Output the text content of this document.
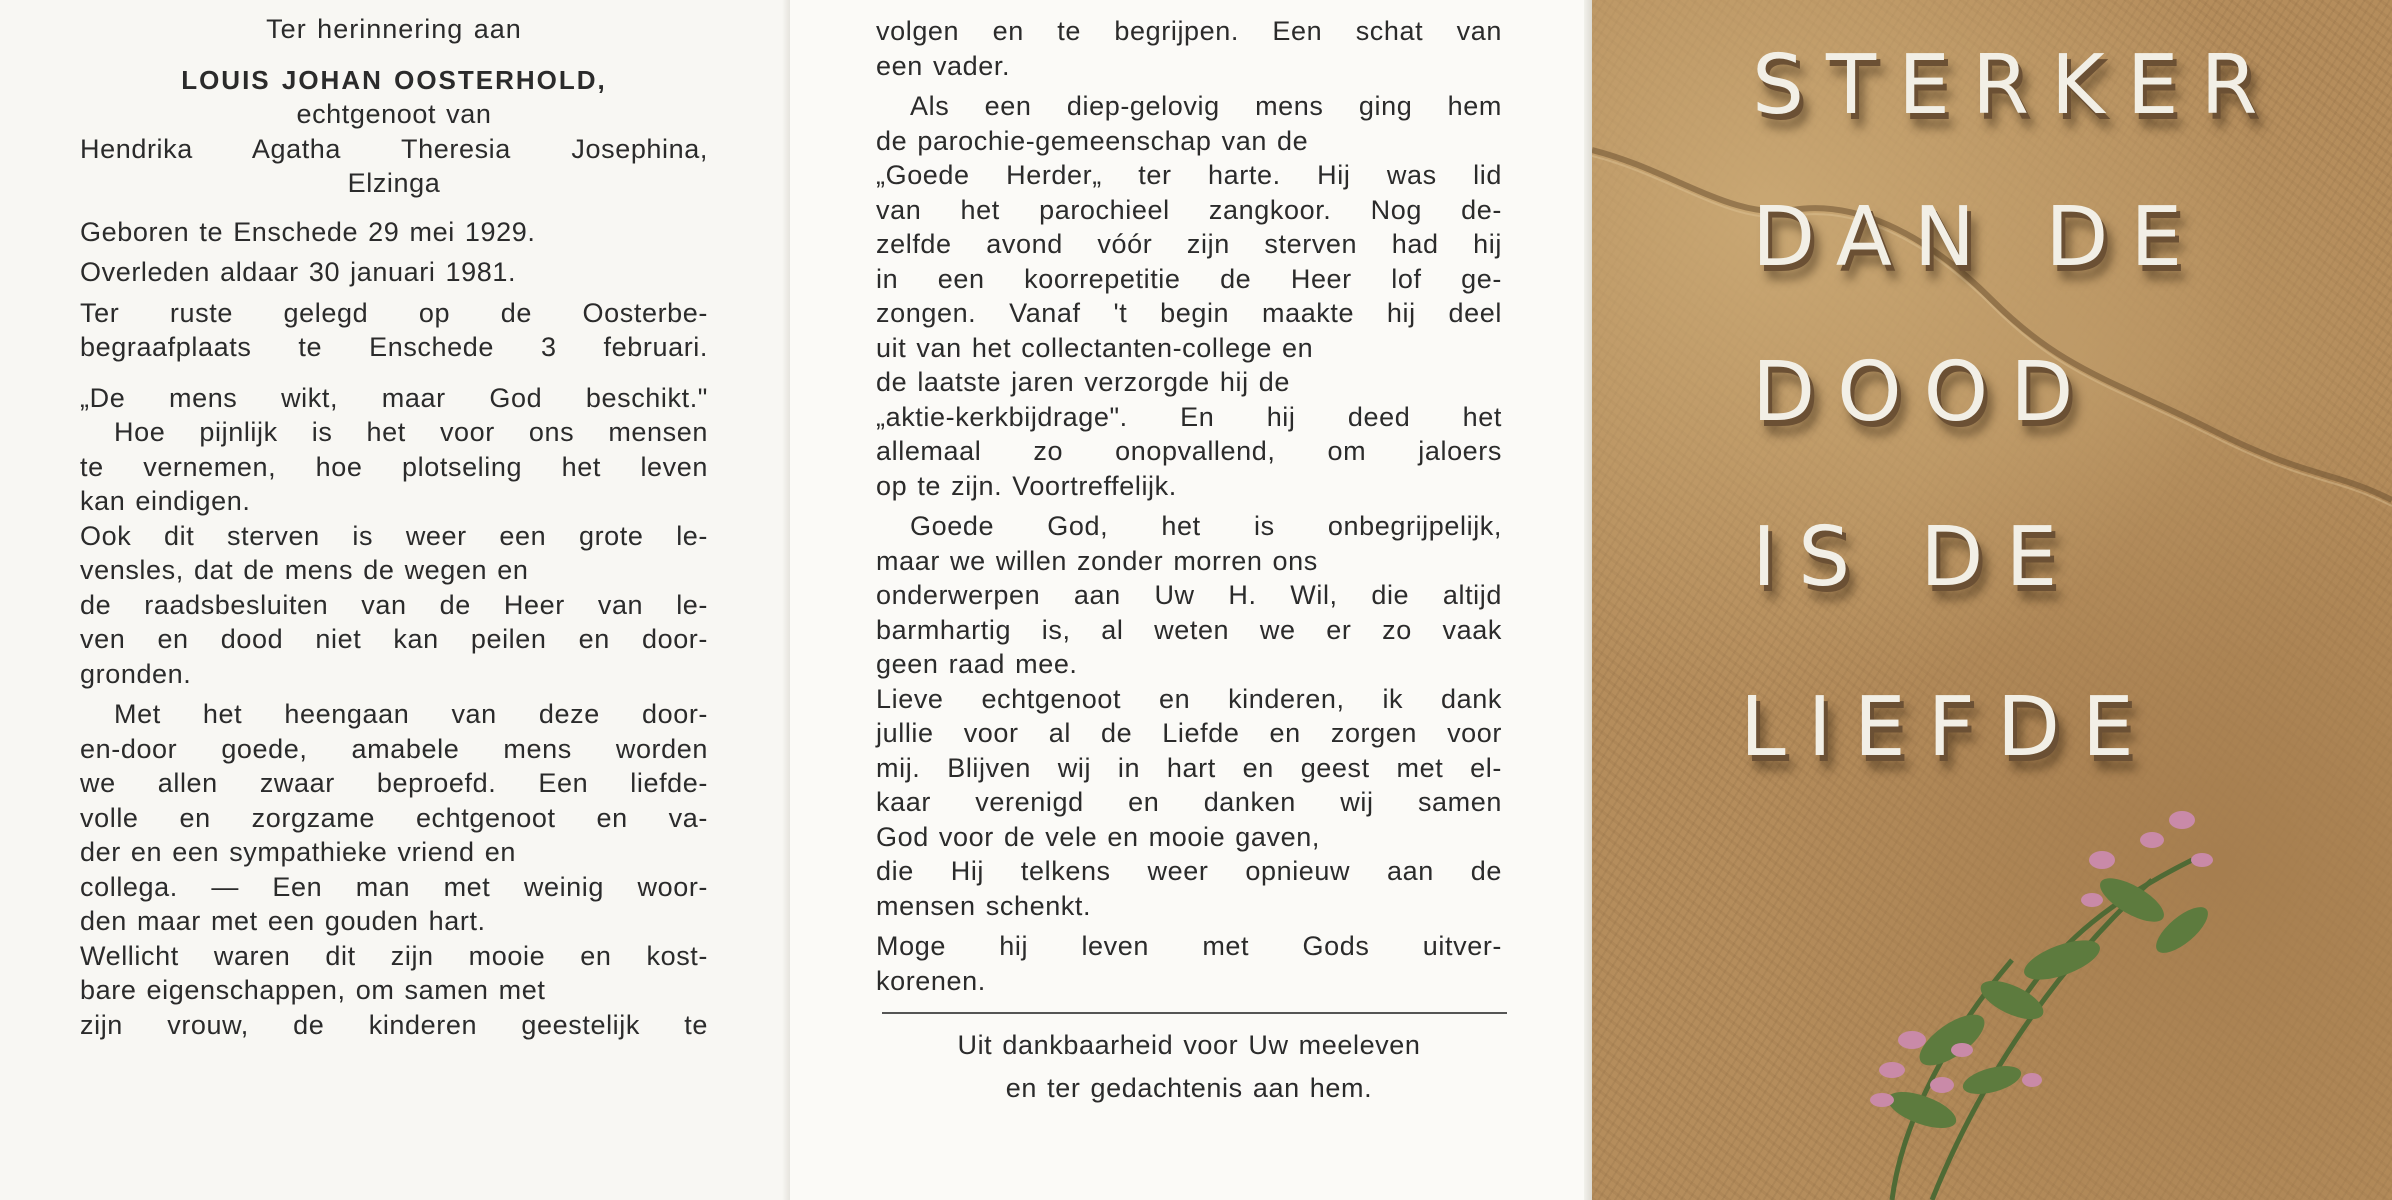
Ter herinnering aan

LOUIS JOHAN OOSTERHOLD,

echtgenoot van

Hendrika Agatha Theresia Josephina,

Elzinga

Geboren te Enschede 29 mei 1929.

Overleden aldaar 30 januari 1981.

Ter ruste gelegd op de Oosterbe-

begraafplaats te Enschede 3 februari.

„De mens wikt, maar God beschikt."

Hoe pijnlijk is het voor ons mensen

te vernemen, hoe plotseling het leven

kan eindigen.

Ook dit sterven is weer een grote le-

vensles, dat de mens de wegen en

de raadsbesluiten van de Heer van le-

ven en dood niet kan peilen en door-

gronden.

Met het heengaan van deze door-

en-door goede, amabele mens worden

we allen zwaar beproefd. Een liefde-

volle en zorgzame echtgenoot en va-

der en een sympathieke vriend en

collega. — Een man met weinig woor-

den maar met een gouden hart.

Wellicht waren dit zijn mooie en kost-

bare eigenschappen, om samen met

zijn vrouw, de kinderen geestelijk te

volgen en te begrijpen. Een schat van

een vader.

Als een diep-gelovig mens ging hem

de parochie-gemeenschap van de

„Goede Herder„ ter harte. Hij was lid

van het parochieel zangkoor. Nog de-

zelfde avond vóór zijn sterven had hij

in een koorrepetitie de Heer lof ge-

zongen. Vanaf 't begin maakte hij deel

uit van het collectanten-college en

de laatste jaren verzorgde hij de

„aktie-kerkbijdrage". En hij deed het

allemaal zo onopvallend, om jaloers

op te zijn. Voortreffelijk.

Goede God, het is onbegrijpelijk,

maar we willen zonder morren ons

onderwerpen aan Uw H. Wil, die altijd

barmhartig is, al weten we er zo vaak

geen raad mee.

Lieve echtgenoot en kinderen, ik dank

jullie voor al de Liefde en zorgen voor

mij. Blijven wij in hart en geest met el-

kaar verenigd en danken wij samen

God voor de vele en mooie gaven,

die Hij telkens weer opnieuw aan de

mensen schenkt.

Moge hij leven met Gods uitver-

korenen.

Uit dankbaarheid voor Uw meeleven

en ter gedachtenis aan hem.

STERKER
DAN DE
DOOD
IS DE
LIEFDE
